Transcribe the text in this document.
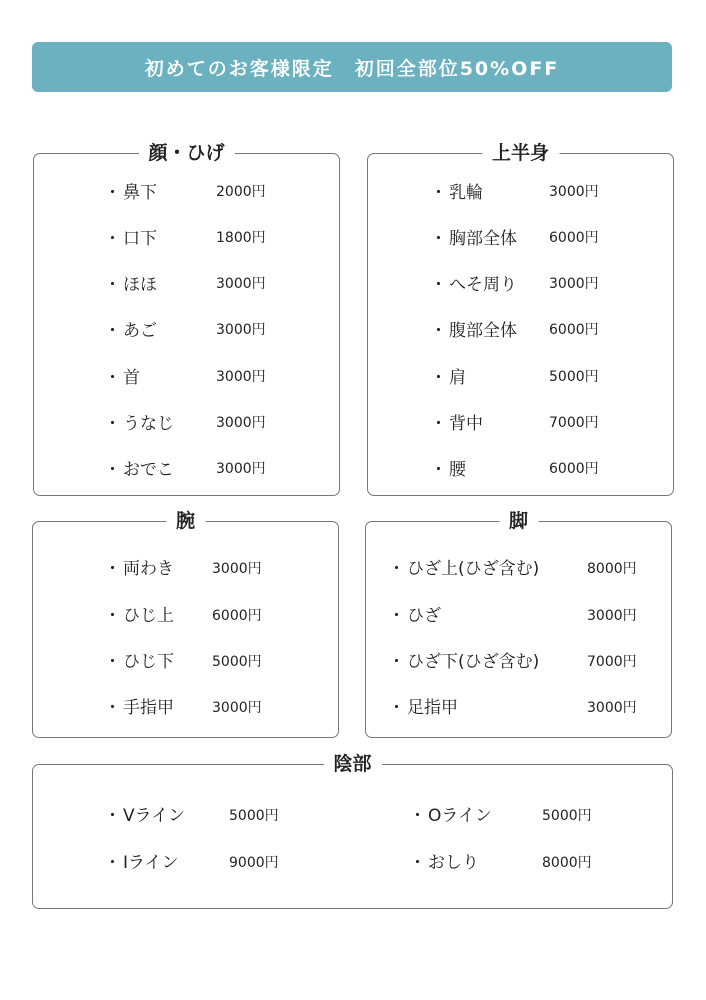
初めてのお客様限定　初回全部位50%OFF
顔・ひげ
・ 鼻下	2000円
・ 口下	1800円
・ ほほ	3000円
・ あご	3000円
・ 首	3000円
・ うなじ	3000円
・ おでこ	3000円
上半身
・ 乳輪	3000円
・ 胸部全体 6000円
・ へそ周り 3000円
・ 腹部全体 6000円
・ 肩	5000円
・ 背中	7000円
・ 腰	6000円
腕
・ 両わき	3000円
・ ひじ上	6000円
・ ひじ下	5000円
・ 手指甲	3000円
脚
・ ひざ上(ひざ含む)	8000円
・ ひざ	3000円
・ ひざ下(ひざ含む)	7000円
・ 足指甲	3000円
陰部
・ Vライン	5000円
・ Iライン	9000円
・ Oライン	5000円
・ おしり	8000円
